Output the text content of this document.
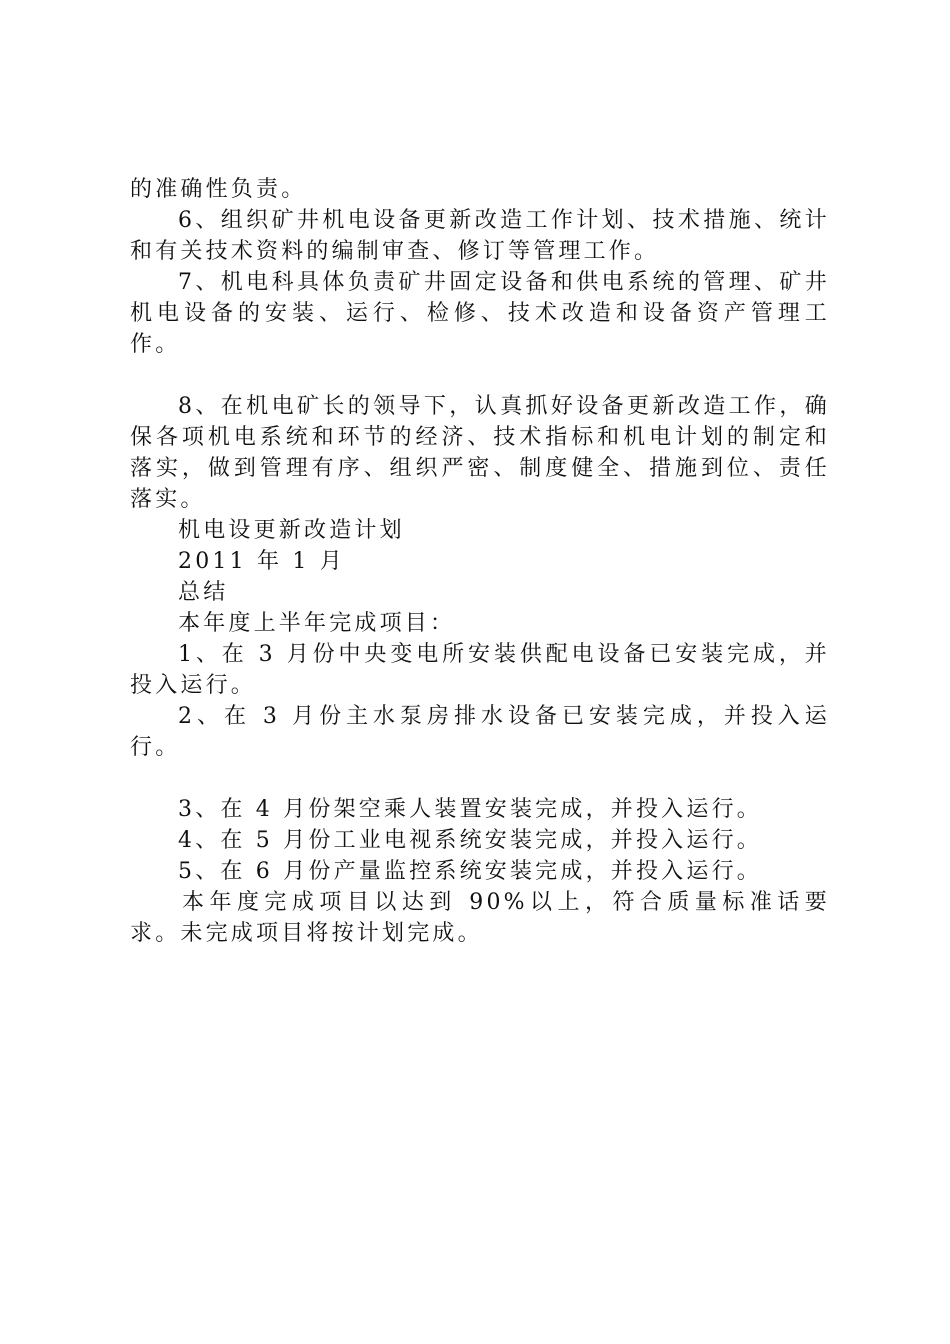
的准确性负责。

6、组织矿井机电设备更新改造工作计划、技术措施、统计和有关技术资料的编制审查、修订等管理工作。

7、机电科具体负责矿井固定设备和供电系统的管理、矿井机电设备的安装、运行、检修、技术改造和设备资产管理工作。

8、在机电矿长的领导下，认真抓好设备更新改造工作，确保各项机电系统和环节的经济、技术指标和机电计划的制定和落实，做到管理有序、组织严密、制度健全、措施到位、责任落实。

机电设更新改造计划

2011 年 1 月

总结

本年度上半年完成项目：

1、在 3 月份中央变电所安装供配电设备已安装完成，并投入运行。

2、在 3 月份主水泵房排水设备已安装完成，并投入运行。

3、在 4 月份架空乘人装置安装完成，并投入运行。

4、在 5 月份工业电视系统安装完成，并投入运行。

5、在 6 月份产量监控系统安装完成，并投入运行。

本年度完成项目以达到 90%以上，符合质量标准话要求。未完成项目将按计划完成。
